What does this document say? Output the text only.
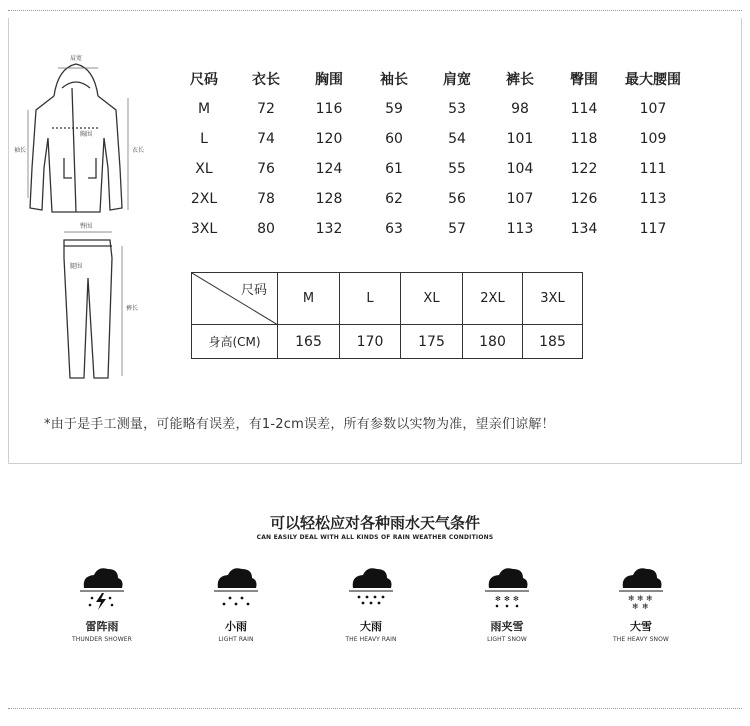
肩宽
胸围
袖长	衣长
臀围
裤长
腿围
尺码	衣长	胸围	袖长	肩宽	裤长	臀围	最大腰围
M	72	116	59	53	98	114	107
L	74	120	60	54	101	118	109
XL	76	124	61	55	104	122	111
2XL	78	128	62	56	107	126	113
3XL	80	132	63	57	113	134	117
尺码	M	L	XL	2XL	3XL
身高(CM)	165	170	175	180	185
*由于是手工测量，可能略有误差，有1-2cm误差，所有参数以实物为准，望亲们谅解！
可以轻松应对各种雨水天气条件
CAN EASILY DEAL WITH ALL KINDS OF RAIN WEATHER CONDITIONS
雷阵雨
THUNDER SHOWER
小雨
LIGHT RAIN
大雨
THE HEAVY RAIN
✻ ✻ ✻
雨夹雪
LIGHT SNOW
❄ ❄ ❄
❄ ❄
大雪
THE HEAVY SNOW
